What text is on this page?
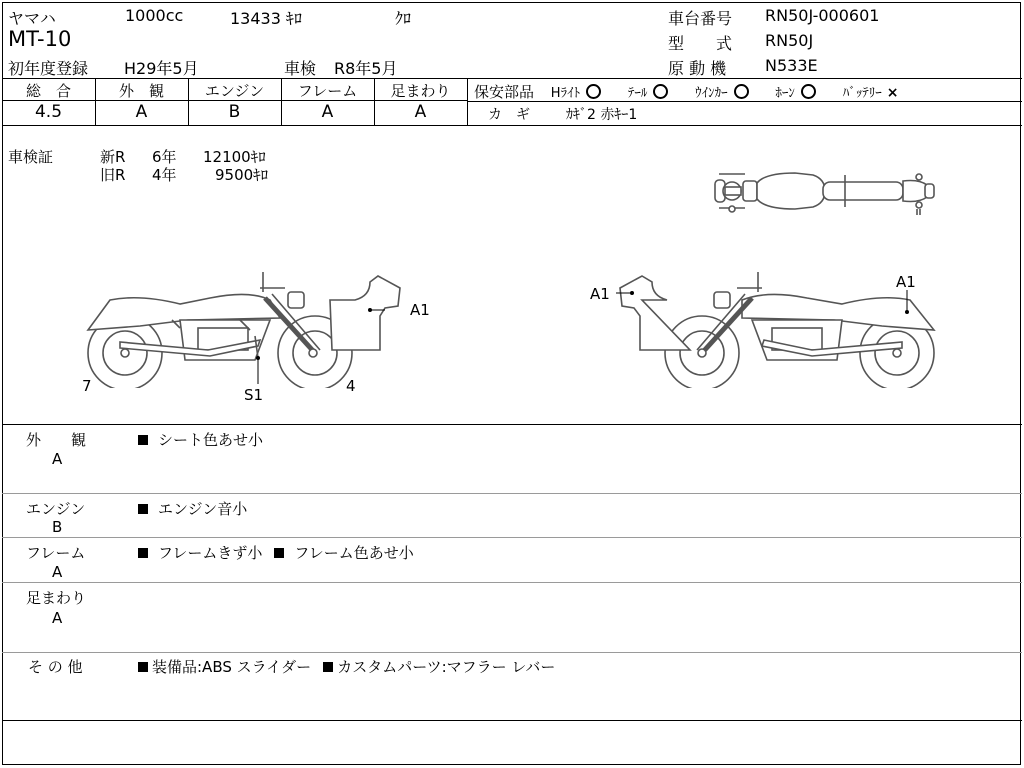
ヤマハ	1000cc	13433 ｷﾛ	ｸﾛ
MT-10
初年度登録 H29年5月	車検 R8年5月
車台番号 RN50J-000601
型　　式 RN50J
原 動 機 N533E
総　合	外　観	エンジン	フレーム	足まわり
4.5	A	B	A	A
保安部品 Hﾗｲﾄ	ﾃｰﾙ	ｳｲﾝｶｰ	ﾎｰﾝ	ﾊﾞｯﾃﾘｰ ×
カ　ギ	ｶｷﾞ2 赤ｷｰ1
車検証	新R 6年 12100ｷﾛ
旧R 4年	9500ｷﾛ
A1
7	S1	4
A1
A1
外　　観
A
シート色あせ小
エンジン
B
エンジン音小
フレーム
A
フレームきず小 フレーム色あせ小
足まわり
A
そ の 他	装備品:ABS スライダー カスタムパーツ:マフラー レバー
